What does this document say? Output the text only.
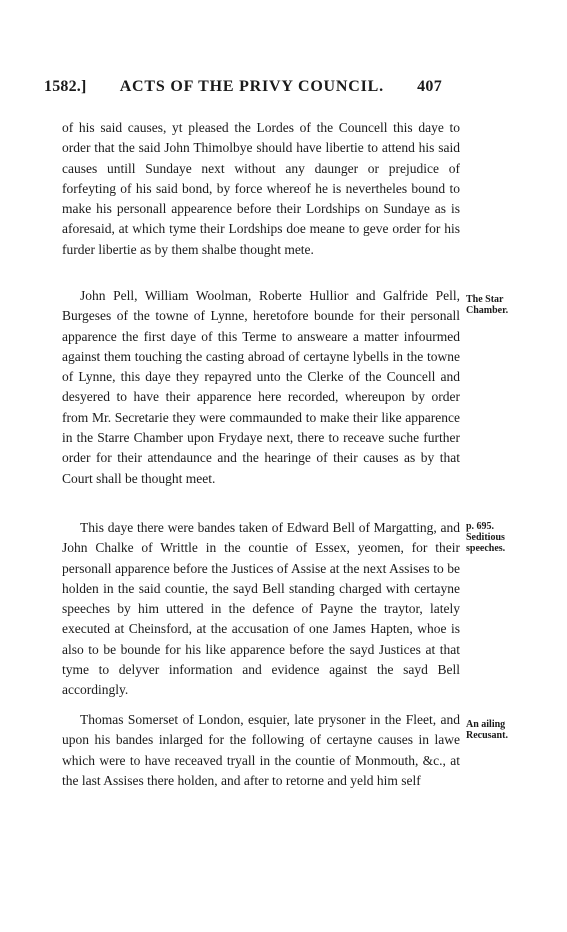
1582.] ACTS OF THE PRIVY COUNCIL. 407

of his said causes, yt pleased the Lordes of the Councell this daye to order that the said John Thimolbye should have libertie to attend his said causes untill Sundaye next without any daunger or prejudice of forfeyting of his said bond, by force whereof he is nevertheles bound to make his personall appearence before their Lordships on Sundaye as is aforesaid, at which tyme their Lordships doe meane to geve order for his furder libertie as by them shalbe thought mete.

John Pell, William Woolman, Roberte Hullior and Galfride Pell, Burgeses of the towne of Lynne, heretofore bounde for their personall apparence the first daye of this Terme to answeare a matter infourmed against them touching the casting abroad of certayne lybells in the towne of Lynne, this daye they repayred unto the Clerke of the Councell and desyered to have their apparence here recorded, whereupon by order from Mr. Secretarie they were commaunded to make their like apparence in the Starre Chamber upon Frydaye next, there to receave suche further order for their attendaunce and the hearinge of their causes as by that Court shall be thought meet.

This daye there were bandes taken of Edward Bell of Margatting, and John Chalke of Writtle in the countie of Essex, yeomen, for their personall apparence before the Justices of Assise at the next Assises to be holden in the said countie, the sayd Bell standing charged with certayne speeches by him uttered in the defence of Payne the traytor, lately executed at Cheinsford, at the accusation of one James Hapten, whoe is also to be bounde for his like apparence before the sayd Justices at that tyme to delyver information and evidence against the sayd Bell accordingly.

Thomas Somerset of London, esquier, late prysoner in the Fleet, and upon his bandes inlarged for the following of certayne causes in lawe which were to have receaved tryall in the countie of Monmouth, &c., at the last Assises there holden, and after to retorne and yeld him self

The Star
Chamber.
p. 695.
Seditious
speeches.
An ailing
Recusant.
